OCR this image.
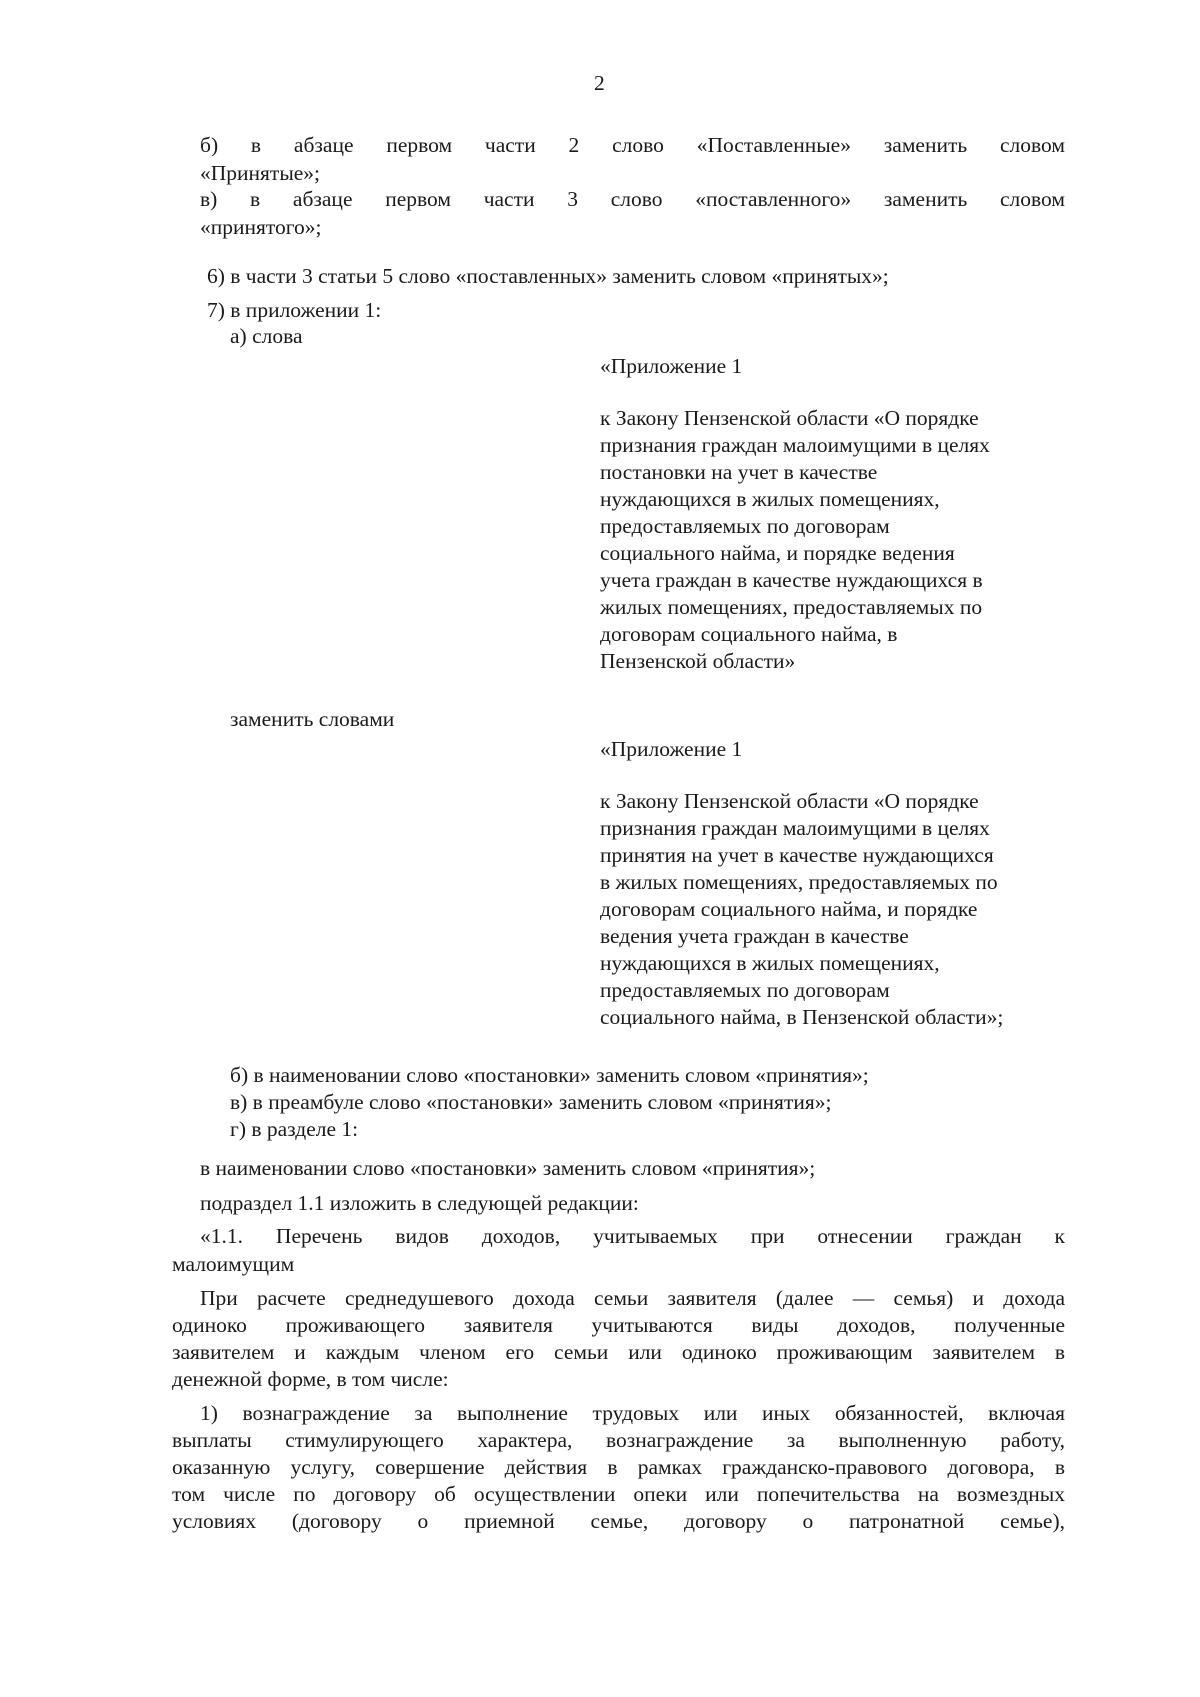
2
б) в абзаце первом части 2 слово «Поставленные» заменить словом
«Принятые»;
в) в абзаце первом части 3 слово «поставленного» заменить словом
«принятого»;
6) в части 3 статьи 5 слово «поставленных» заменить словом «принятых»;
7) в приложении 1:
а) слова
«Приложение 1
к Закону Пензенской области «О порядке
признания граждан малоимущими в целях
постановки на учет в качестве
нуждающихся в жилых помещениях,
предоставляемых по договорам
социального найма, и порядке ведения
учета граждан в качестве нуждающихся в
жилых помещениях, предоставляемых по
договорам социального найма, в
Пензенской области»
заменить словами
«Приложение 1
к Закону Пензенской области «О порядке
признания граждан малоимущими в целях
принятия на учет в качестве нуждающихся
в жилых помещениях, предоставляемых по
договорам социального найма, и порядке
ведения учета граждан в качестве
нуждающихся в жилых помещениях,
предоставляемых по договорам
социального найма, в Пензенской области»;
б) в наименовании слово «постановки» заменить словом «принятия»;
в) в преамбуле слово «постановки» заменить словом «принятия»;
г) в разделе 1:
в наименовании слово «постановки» заменить словом «принятия»;
подраздел 1.1 изложить в следующей редакции:
«1.1. Перечень видов доходов, учитываемых при отнесении граждан к
малоимущим
При расчете среднедушевого дохода семьи заявителя (далее — семья) и дохода
одиноко проживающего заявителя учитываются виды доходов, полученные
заявителем и каждым членом его семьи или одиноко проживающим заявителем в
денежной форме, в том числе:
1) вознаграждение за выполнение трудовых или иных обязанностей, включая
выплаты стимулирующего характера, вознаграждение за выполненную работу,
оказанную услугу, совершение действия в рамках гражданско-правового договора, в
том числе по договору об осуществлении опеки или попечительства на возмездных
условиях (договору о приемной семье, договору о патронатной семье),
